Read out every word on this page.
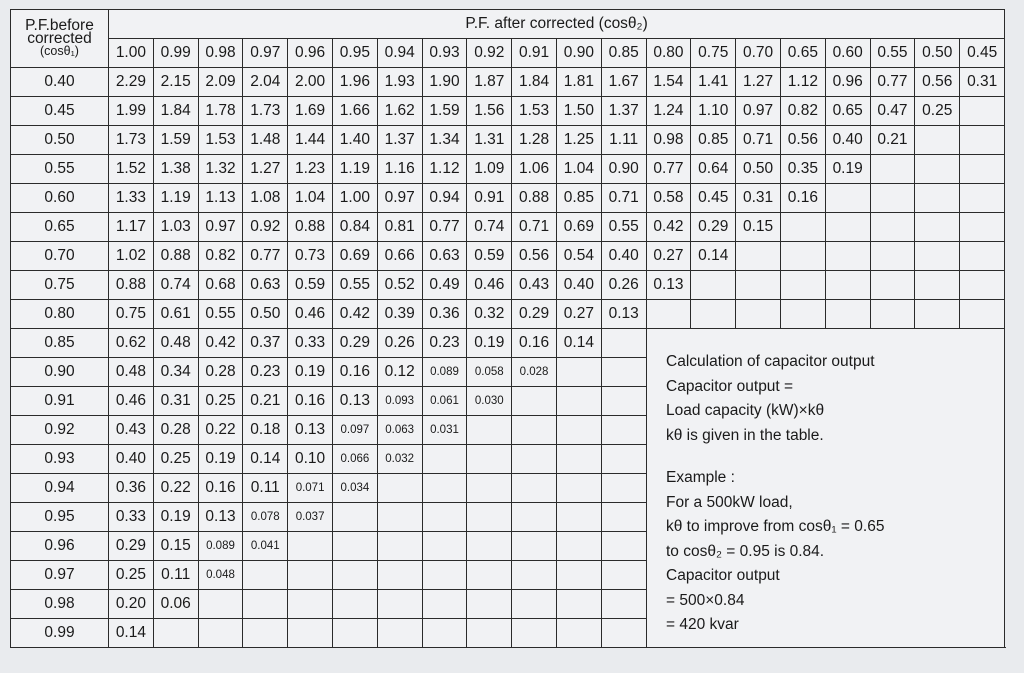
P.F.before
corrected
(cosθ₁)	P.F. after corrected (cosθ₂)																			
	1.00	0.99	0.98	0.97	0.96	0.95	0.94	0.93	0.92	0.91	0.90	0.85	0.80	0.75	0.70	0.65	0.60	0.55	0.50	0.45
0.40	2.29	2.15	2.09	2.04	2.00	1.96	1.93	1.90	1.87	1.84	1.81	1.67	1.54	1.41	1.27	1.12	0.96	0.77	0.56	0.31
0.45	1.99	1.84	1.78	1.73	1.69	1.66	1.62	1.59	1.56	1.53	1.50	1.37	1.24	1.10	0.97	0.82	0.65	0.47	0.25	
0.50	1.73	1.59	1.53	1.48	1.44	1.40	1.37	1.34	1.31	1.28	1.25	1.11	0.98	0.85	0.71	0.56	0.40	0.21		
0.55	1.52	1.38	1.32	1.27	1.23	1.19	1.16	1.12	1.09	1.06	1.04	0.90	0.77	0.64	0.50	0.35	0.19			
0.60	1.33	1.19	1.13	1.08	1.04	1.00	0.97	0.94	0.91	0.88	0.85	0.71	0.58	0.45	0.31	0.16				
0.65	1.17	1.03	0.97	0.92	0.88	0.84	0.81	0.77	0.74	0.71	0.69	0.55	0.42	0.29	0.15					
0.70	1.02	0.88	0.82	0.77	0.73	0.69	0.66	0.63	0.59	0.56	0.54	0.40	0.27	0.14						
0.75	0.88	0.74	0.68	0.63	0.59	0.55	0.52	0.49	0.46	0.43	0.40	0.26	0.13							
0.80	0.75	0.61	0.55	0.50	0.46	0.42	0.39	0.36	0.32	0.29	0.27	0.13								
0.85	0.62	0.48	0.42	0.37	0.33	0.29	0.26	0.23	0.19	0.16	0.14									
0.90	0.48	0.34	0.28	0.23	0.19	0.16	0.12	0.089	0.058	0.028										
0.91	0.46	0.31	0.25	0.21	0.16	0.13	0.093	0.061	0.030											
0.92	0.43	0.28	0.22	0.18	0.13	0.097	0.063	0.031												
0.93	0.40	0.25	0.19	0.14	0.10	0.066	0.032													
0.94	0.36	0.22	0.16	0.11	0.071	0.034														
0.95	0.33	0.19	0.13	0.078	0.037															
0.96	0.29	0.15	0.089	0.041																
0.97	0.25	0.11	0.048																	
0.98	0.20	0.06																		
0.99	0.14																			
Calculation of capacitor output
Capacitor output =
Load capacity (kW)×kθ
kθ is given in the table.
Example :
For a 500kW load,
kθ to improve from cosθ₁ = 0.65
to cosθ₂ = 0.95 is 0.84.
Capacitor output
= 500×0.84
= 420 kvar
